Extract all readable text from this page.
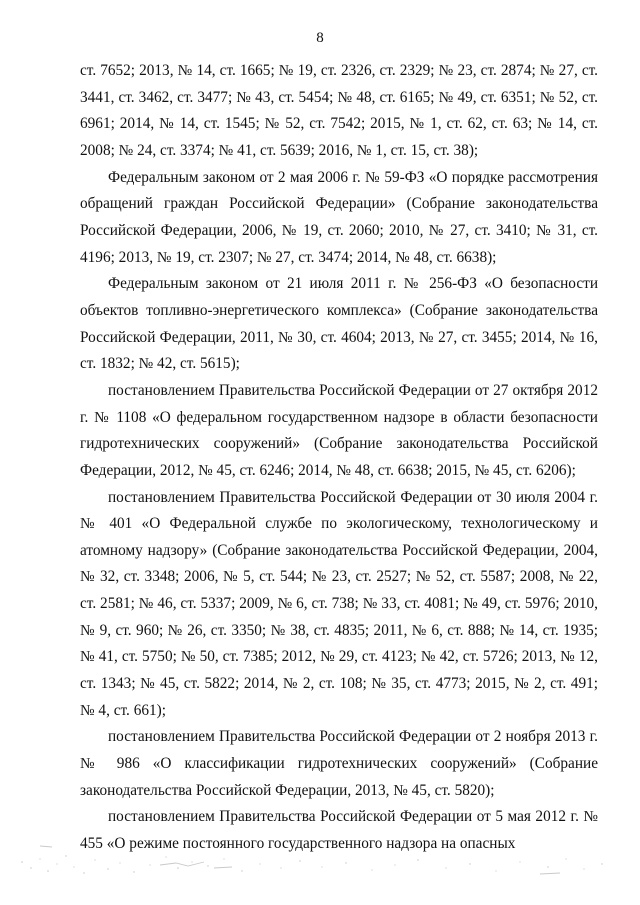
8

ст. 7652; 2013, № 14, ст. 1665; № 19, ст. 2326, ст. 2329; № 23, ст. 2874; № 27, ст. 3441, ст. 3462, ст. 3477; № 43, ст. 5454; № 48, ст. 6165; № 49, ст. 6351; № 52, ст. 6961; 2014, № 14, ст. 1545; № 52, ст. 7542; 2015, № 1, ст. 62, ст. 63; № 14, ст. 2008; № 24, ст. 3374; № 41, ст. 5639; 2016, № 1, ст. 15, ст. 38);

Федеральным законом от 2 мая 2006 г. № 59-ФЗ «О порядке рассмотрения обращений граждан Российской Федерации» (Собрание законодательства Российской Федерации, 2006, № 19, ст. 2060; 2010, № 27, ст. 3410; № 31, ст. 4196; 2013, № 19, ст. 2307; № 27, ст. 3474; 2014, № 48, ст. 6638);

Федеральным законом от 21 июля 2011 г. № 256-ФЗ «О безопасности объектов топливно-энергетического комплекса» (Собрание законодательства Российской Федерации, 2011, № 30, ст. 4604; 2013, № 27, ст. 3455; 2014, № 16, ст. 1832; № 42, ст. 5615);

постановлением Правительства Российской Федерации от 27 октября 2012 г. № 1108 «О федеральном государственном надзоре в области безопасности гидротехнических сооружений» (Собрание законодательства Российской Федерации, 2012, № 45, ст. 6246; 2014, № 48, ст. 6638; 2015, № 45, ст. 6206);

постановлением Правительства Российской Федерации от 30 июля 2004 г. № 401 «О Федеральной службе по экологическому, технологическому и атомному надзору» (Собрание законодательства Российской Федерации, 2004, № 32, ст. 3348; 2006, № 5, ст. 544; № 23, ст. 2527; № 52, ст. 5587; 2008, № 22, ст. 2581; № 46, ст. 5337; 2009, № 6, ст. 738; № 33, ст. 4081; № 49, ст. 5976; 2010, № 9, ст. 960; № 26, ст. 3350; № 38, ст. 4835; 2011, № 6, ст. 888; № 14, ст. 1935; № 41, ст. 5750; № 50, ст. 7385; 2012, № 29, ст. 4123; № 42, ст. 5726; 2013, № 12, ст. 1343; № 45, ст. 5822; 2014, № 2, ст. 108; № 35, ст. 4773; 2015, № 2, ст. 491; № 4, ст. 661);

постановлением Правительства Российской Федерации от 2 ноября 2013 г. № 986 «О классификации гидротехнических сооружений» (Собрание законодательства Российской Федерации, 2013, № 45, ст. 5820);

постановлением Правительства Российской Федерации от 5 мая 2012 г. № 455 «О режиме постоянного государственного надзора на опасных
